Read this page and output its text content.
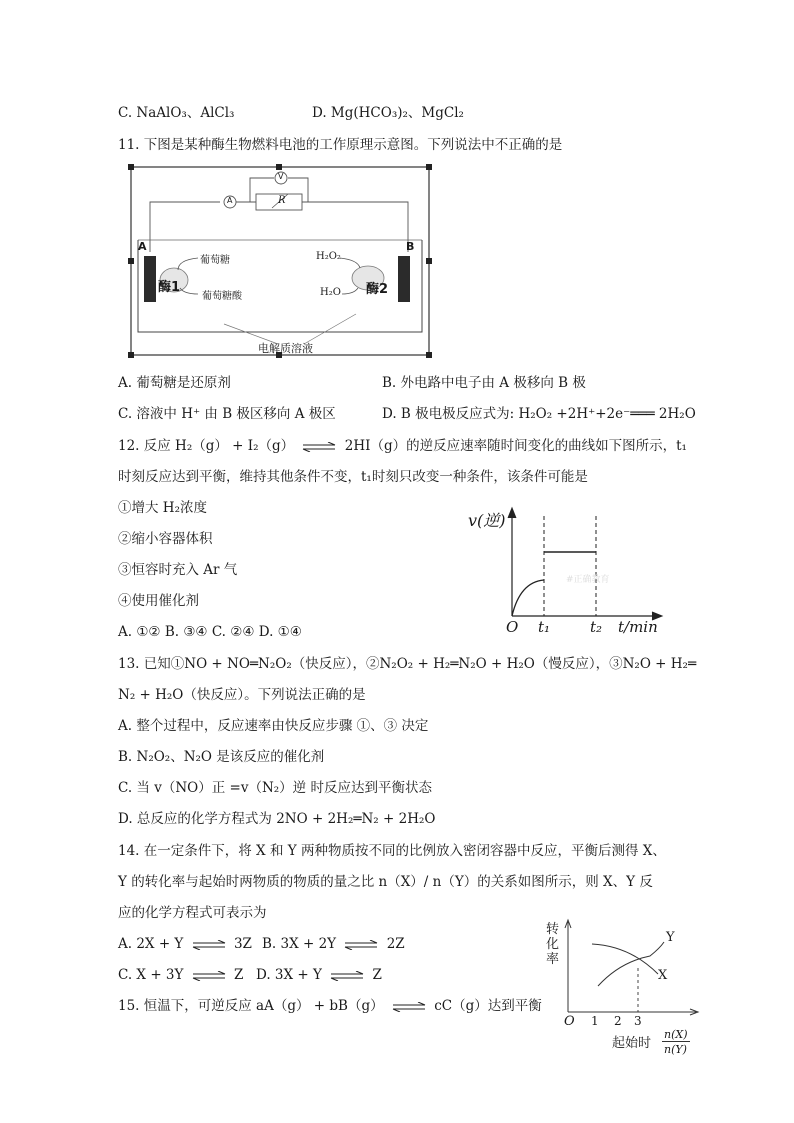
C. NaAlO₃、AlCl₃	D. Mg(HCO₃)₂、MgCl₂
11. 下图是某种酶生物燃料电池的工作原理示意图。下列说法中不正确的是
A	B
A
V
R
葡萄糖
葡萄糖酸
酶1	酶2
H₂O₂
H₂O
电解质溶液
A. 葡萄糖是还原剂	B. 外电路中电子由 A 极移向 B 极
C. 溶液中 H⁺ 由 B 极区移向 A 极区	D. B 极电极反应式为: H₂O₂ +2H⁺+2e⁻═══ 2H₂O
12. 反应 H₂（g） + I₂（g） ⇌ 2HI（g）的逆反应速率随时间变化的曲线如下图所示，t₁
时刻反应达到平衡，维持其他条件不变，t₁时刻只改变一种条件，该条件可能是
①增大 H₂浓度
②缩小容器体积
③恒容时充入 Ar 气
④使用催化剂
A. ①② B. ③④ C. ②④ D. ①④
v(逆)
#正确教育
O t₁	t₂ t/min
13. 已知①NO + NO═N₂O₂（快反应），②N₂O₂ + H₂═N₂O + H₂O（慢反应），③N₂O + H₂═
N₂ + H₂O（快反应）。下列说法正确的是
A. 整个过程中，反应速率由快反应步骤 ①、③ 决定
B. N₂O₂、N₂O 是该反应的催化剂
C. 当 v（NO）正 =v（N₂）逆 时反应达到平衡状态
D. 总反应的化学方程式为 2NO + 2H₂═N₂ + 2H₂O
14. 在一定条件下，将 X 和 Y 两种物质按不同的比例放入密闭容器中反应，平衡后测得 X、
Y 的转化率与起始时两物质的物质的量之比 n（X）/ n（Y）的关系如图所示，则 X、Y 反
应的化学方程式可表示为
A. 2X + Y ⇌ 3Z B. 3X + 2Y ⇌ 2Z
C. X + 3Y ⇌ Z D. 3X + Y ⇌ Z
转
化
率
Y
X
O 1 2 3
起始时
n(X)
n(Y)
15. 恒温下，可逆反应 aA（g） + bB（g） ⇌ cC（g）达到平衡
